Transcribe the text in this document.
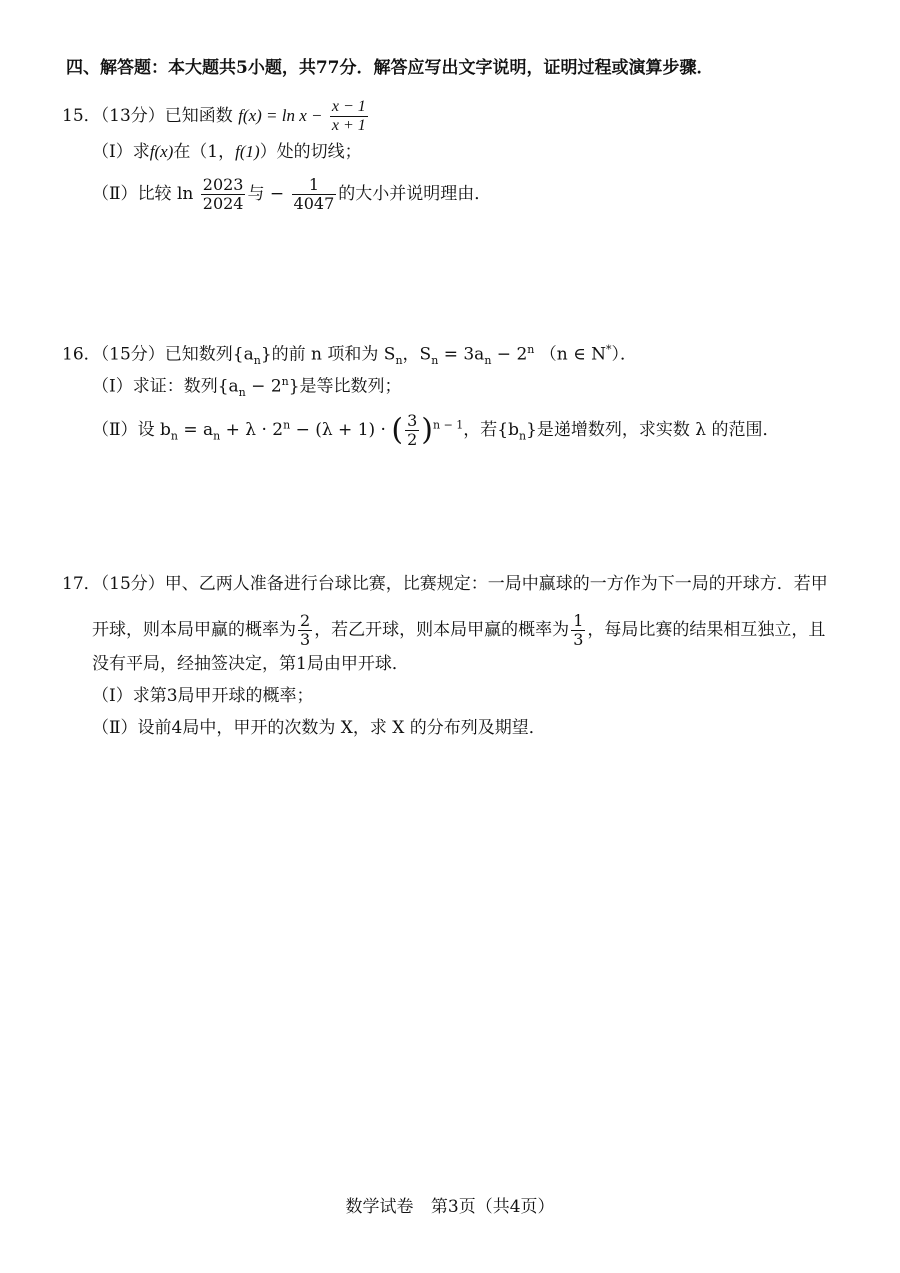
四、解答题：本大题共5小题，共77分．解答应写出文字说明，证明过程或演算步骤．
15．（13分）已知函数 $f(x) = \ln x - \frac{x - 1}{x + 1}$
（Ⅰ）求f(x)在（1，f(1)）处的切线；
（Ⅱ）比较 $\ln \frac{2023}{2024}$ 与 − $\frac{1}{4047}$ 的大小并说明理由．
16．（15分）已知数列$\{a_n\}$的前 n 项和为 $S_n$，$S_n = 3a_n - 2^n$ （n ∈ N*）．
（Ⅰ）求证：数列$\{a_n - 2^n\}$是等比数列；
（Ⅱ）设 $b_n = a_n + \lambda \cdot 2^n - (\lambda + 1)$ · ( $\frac{3}{2} )^{n - 1}$，若$\{b_n\}$是递增数列，求实数 λ 的范围．
17．（15分）甲、乙两人准备进行台球比赛，比赛规定：一局中赢球的一方作为下一局的开球方．若甲
开球，则本局甲赢的概率为 $\frac{2}{3}$ ，若乙开球，则本局甲赢的概率为 $\frac{1}{3}$ ，每局比赛的结果相互独立，且
没有平局，经抽签决定，第1局由甲开球．
（Ⅰ）求第3局甲开球的概率；
（Ⅱ）设前4局中，甲开的次数为 X，求 X 的分布列及期望．
数学试卷 第3页（共4页）
